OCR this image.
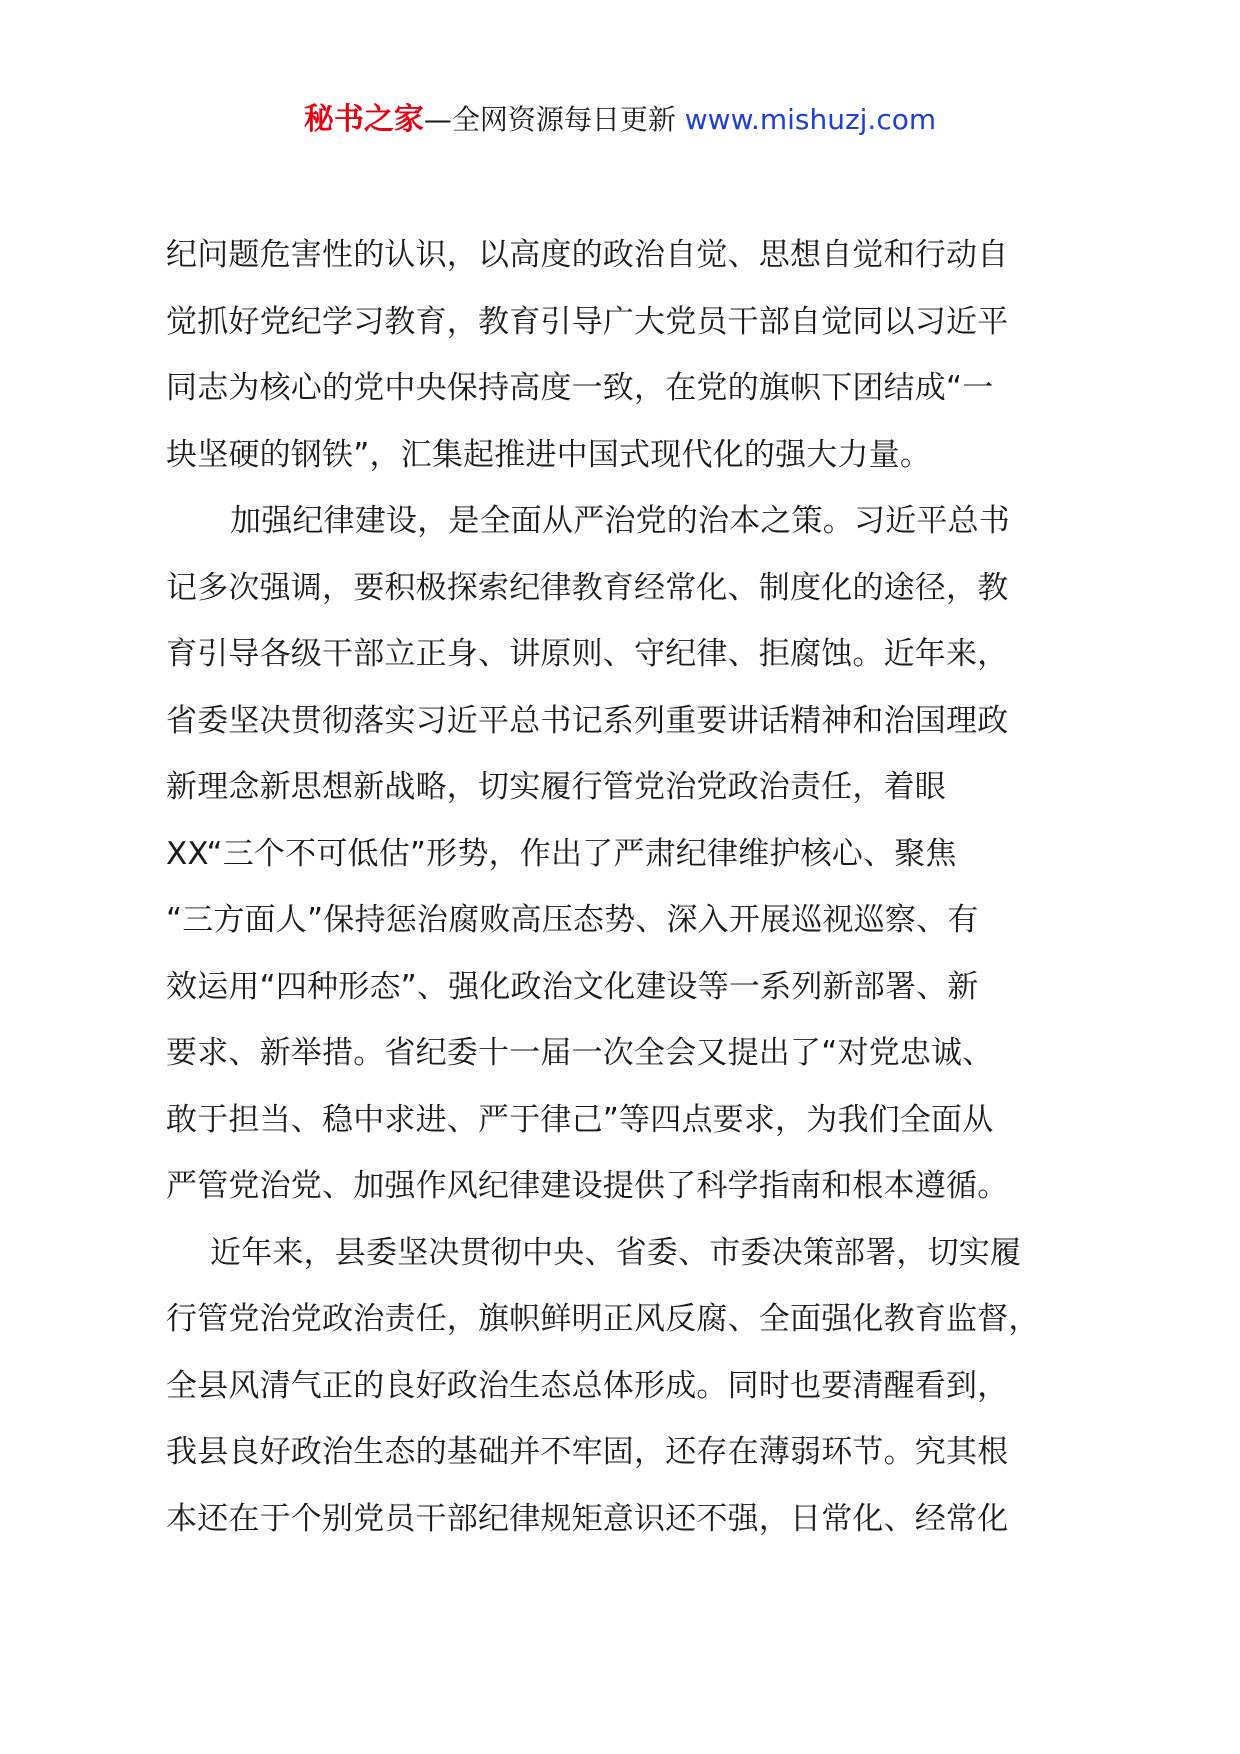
秘书之家—全网资源每日更新 www.mishuzj.com
纪问题危害性的认识，以高度的政治自觉、思想自觉和行动自
觉抓好党纪学习教育，教育引导广大党员干部自觉同以习近平
同志为核心的党中央保持高度一致，在党的旗帜下团结成“一
块坚硬的钢铁”，汇集起推进中国式现代化的强大力量。
加强纪律建设，是全面从严治党的治本之策。习近平总书
记多次强调，要积极探索纪律教育经常化、制度化的途径，教
育引导各级干部立正身、讲原则、守纪律、拒腐蚀。近年来，
省委坚决贯彻落实习近平总书记系列重要讲话精神和治国理政
新理念新思想新战略，切实履行管党治党政治责任，着眼
XX“三个不可低估”形势，作出了严肃纪律维护核心、聚焦
“三方面人”保持惩治腐败高压态势、深入开展巡视巡察、有
效运用“四种形态”、强化政治文化建设等一系列新部署、新
要求、新举措。省纪委十一届一次全会又提出了“对党忠诚、
敢于担当、稳中求进、严于律己”等四点要求，为我们全面从
严管党治党、加强作风纪律建设提供了科学指南和根本遵循。
近年来，县委坚决贯彻中央、省委、市委决策部署，切实履
行管党治党政治责任，旗帜鲜明正风反腐、全面强化教育监督，
全县风清气正的良好政治生态总体形成。同时也要清醒看到，
我县良好政治生态的基础并不牢固，还存在薄弱环节。究其根
本还在于个别党员干部纪律规矩意识还不强，日常化、经常化
